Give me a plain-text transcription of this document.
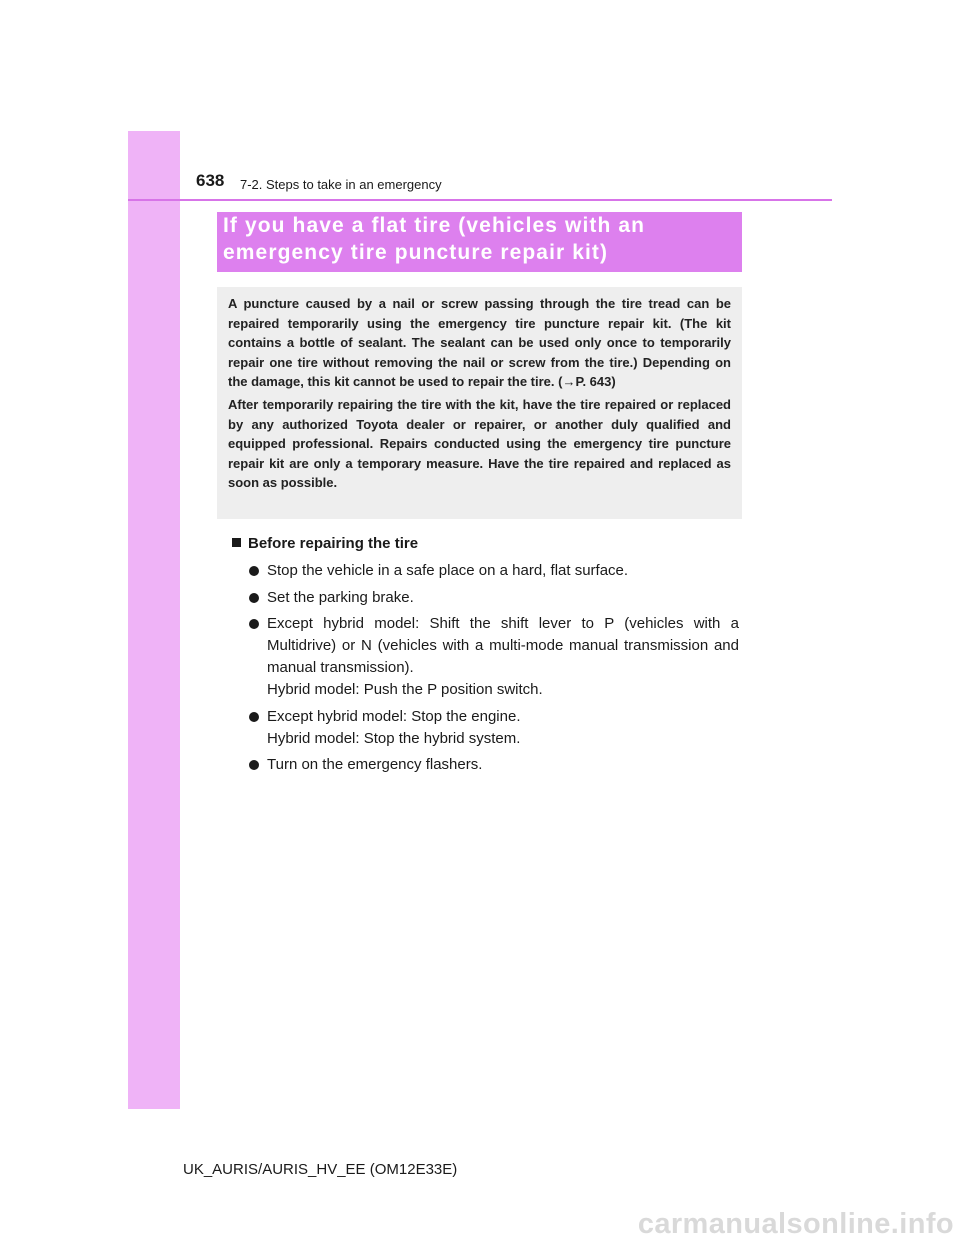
638 7-2. Steps to take in an emergency
If you have a flat tire (vehicles with an
emergency tire puncture repair kit)

A puncture caused by a nail or screw passing through the tire tread can be repaired temporarily using the emergency tire puncture repair kit. (The kit contains a bottle of sealant. The sealant can be used only once to temporarily repair one tire without removing the nail or screw from the tire.) Depending on the damage, this kit cannot be used to repair the tire. (→P. 643)

After temporarily repairing the tire with the kit, have the tire repaired or replaced by any authorized Toyota dealer or repairer, or another duly qualified and equipped professional. Repairs conducted using the emergency tire puncture repair kit are only a temporary measure. Have the tire repaired and replaced as soon as possible.

Before repairing the tire
Stop the vehicle in a safe place on a hard, flat surface.
Set the parking brake.
Except hybrid model: Shift the shift lever to P (vehicles with a Multidrive) or N (vehicles with a multi-mode manual transmission and manual transmission).
Hybrid model: Push the P position switch.
Except hybrid model: Stop the engine.
Hybrid model: Stop the hybrid system.
Turn on the emergency flashers.
UK_AURIS/AURIS_HV_EE (OM12E33E)
carmanualsonline.info
